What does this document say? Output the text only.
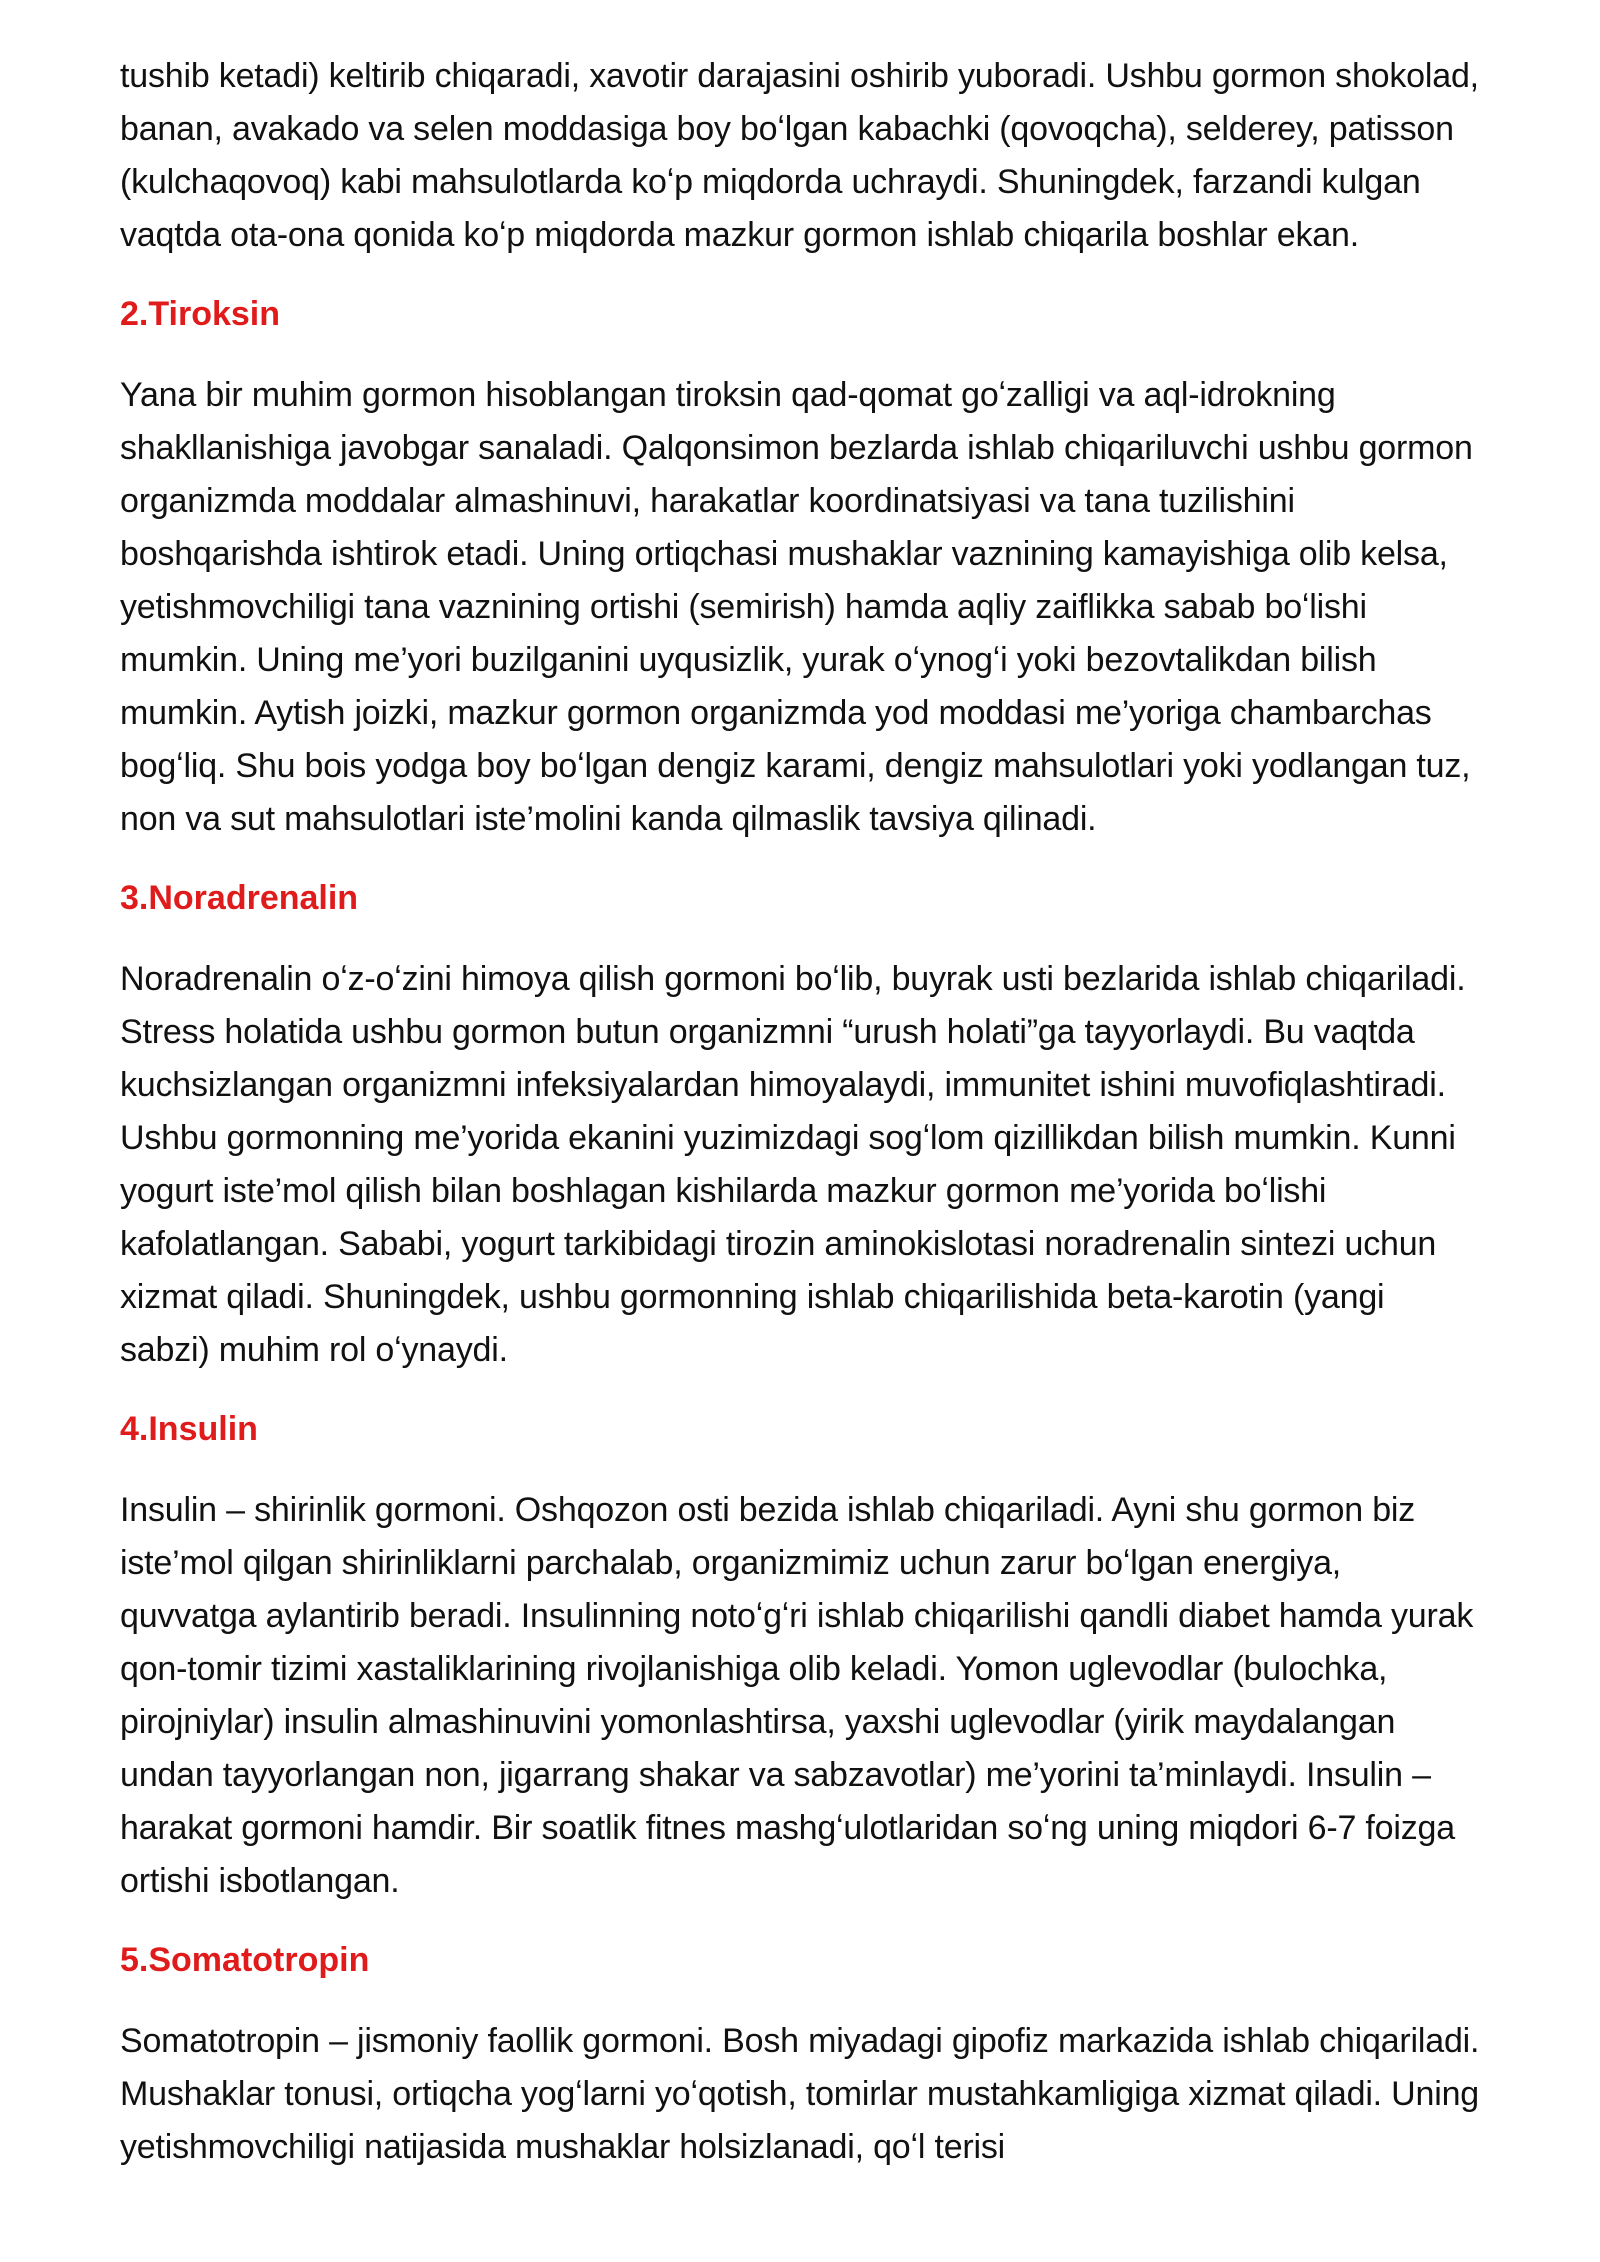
tushib ketadi) keltirib chiqaradi, xavotir darajasini oshirib yuboradi. Ushbu gormon shokolad, banan, avakado va selen moddasiga boy boʻlgan kabachki (qovoqcha), selderey, patisson (kulchaqovoq) kabi mahsulotlarda koʻp miqdorda uchraydi. Shuningdek, farzandi kulgan vaqtda ota-ona qonida koʻp miqdorda mazkur gormon ishlab chiqarila boshlar ekan.

2.Tiroksin

Yana bir muhim gormon hisoblangan tiroksin qad-qomat goʻzalligi va aql-idrokning shakllanishiga javobgar sanaladi. Qalqonsimon bezlarda ishlab chiqariluvchi ushbu gormon organizmda moddalar almashinuvi, harakatlar koordinatsiyasi va tana tuzilishini boshqarishda ishtirok etadi. Uning ortiqchasi mushaklar vaznining kamayishiga olib kelsa, yetishmovchiligi tana vaznining ortishi (semirish) hamda aqliy zaiflikka sabab boʻlishi mumkin. Uning me’yori buzilganini uyqusizlik, yurak oʻynogʻi yoki bezovtalikdan bilish mumkin. Aytish joizki, mazkur gormon organizmda yod moddasi me’yoriga chambarchas bogʻliq. Shu bois yodga boy boʻlgan dengiz karami, dengiz mahsulotlari yoki yodlangan tuz, non va sut mahsulotlari iste’molini kanda qilmaslik tavsiya qilinadi.

3.Noradrenalin

Noradrenalin oʻz-oʻzini himoya qilish gormoni boʻlib, buyrak usti bezlarida ishlab chiqariladi. Stress holatida ushbu gormon butun organizmni “urush holati”ga tayyorlaydi. Bu vaqtda kuchsizlangan organizmni infeksiyalardan himoyalaydi, immunitet ishini muvofiqlashtiradi. Ushbu gormonning me’yorida ekanini yuzimizdagi sogʻlom qizillikdan bilish mumkin. Kunni yogurt iste’mol qilish bilan boshlagan kishilarda mazkur gormon me’yorida boʻlishi kafolatlangan. Sababi, yogurt tarkibidagi tirozin aminokislotasi noradrenalin sintezi uchun xizmat qiladi. Shuningdek, ushbu gormonning ishlab chiqarilishida beta-karotin (yangi sabzi) muhim rol oʻynaydi.

4.Insulin

Insulin – shirinlik gormoni. Oshqozon osti bezida ishlab chiqariladi. Ayni shu gormon biz iste’mol qilgan shirinliklarni parchalab, organizmimiz uchun zarur boʻlgan energiya, quvvatga aylantirib beradi. Insulinning notoʻgʻri ishlab chiqarilishi qandli diabet hamda yurak qon-tomir tizimi xastaliklarining rivojlanishiga olib keladi. Yomon uglevodlar (bulochka, pirojniylar) insulin almashinuvini yomonlashtirsa, yaxshi uglevodlar (yirik maydalangan undan tayyorlangan non, jigarrang shakar va sabzavotlar) me’yorini ta’minlaydi. Insulin – harakat gormoni hamdir. Bir soatlik fitnes mashgʻulotlaridan soʻng uning miqdori 6-7 foizga ortishi isbotlangan.

5.Somatotropin

Somatotropin – jismoniy faollik gormoni. Bosh miyadagi gipofiz markazida ishlab chiqariladi. Mushaklar tonusi, ortiqcha yogʻlarni yoʻqotish, tomirlar mustahkamligiga xizmat qiladi. Uning yetishmovchiligi natijasida mushaklar holsizlanadi, qoʻl terisi
